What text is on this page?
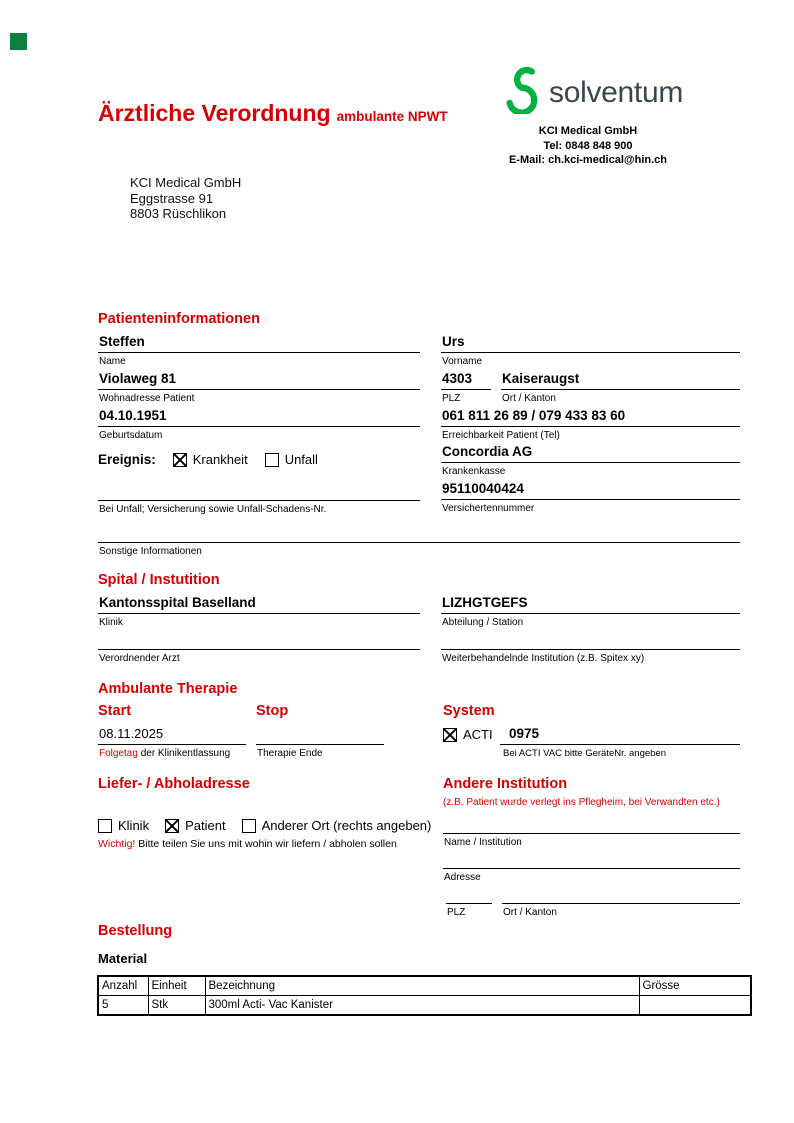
Ärztliche Verordnung ambulante NPWT
solventum
KCI Medical GmbH
Tel: 0848 848 900
E-Mail: ch.kci-medical@hin.ch
KCI Medical GmbH
Eggstrasse 91
8803 Rüschlikon
Patienteninformationen
Steffen
Name
Urs
Vorname
Violaweg 81
Wohnadresse Patient
4303
PLZ
Kaiseraugst
Ort / Kanton
04.10.1951
Geburtsdatum
061 811 26 89 / 079 433 83 60
Erreichbarkeit Patient (Tel)
Concordia AG
Krankenkasse
Ereignis:	Krankheit	Unfall
95110040424
Versichertennummer
Bei Unfall; Versicherung sowie Unfall-Schadens-Nr.
Sonstige Informationen
Spital / Instutition
Kantonsspital Baselland
Klinik
LIZHGTGEFS
Abteilung / Station
Verordnender Arzt	Weiterbehandelnde Institution (z.B. Spitex xy)
Ambulante Therapie
Start	Stop	System
08.11.2025
Folgetag der Klinikentlassung	Therapie Ende
ACTI	0975
Bei ACTI VAC bitte GeräteNr. angeben
Liefer- / Abholadresse	Andere Institution
(z.B. Patient wurde verlegt ins Pflegheim, bei Verwandten etc.)
Klinik	Patient	Anderer Ort (rechts angeben)
Wichtig! Bitte teilen Sie uns mit wohin wir liefern / abholen sollen	Name / Institution
Adresse
PLZ	Ort / Kanton
Bestellung
Material
Anzahl	Einheit	Bezeichnung	Grösse
5	Stk	300ml Acti- Vac Kanister	
